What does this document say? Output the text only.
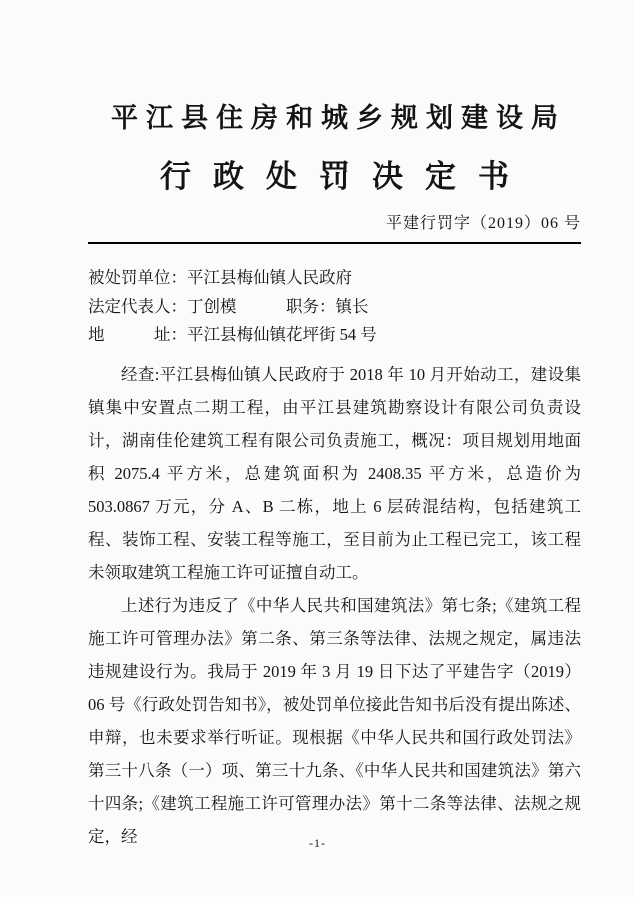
平江县住房和城乡规划建设局
行政处罚决定书
平建行罚字（2019）06 号
被处罚单位：平江县梅仙镇人民政府
法定代表人：丁创模　　　职务：镇长
地　　　址：平江县梅仙镇花坪街 54 号

经查:平江县梅仙镇人民政府于 2018 年 10 月开始动工，建设集镇集中安置点二期工程，由平江县建筑勘察设计有限公司负责设计，湖南佳伦建筑工程有限公司负责施工，概况：项目规划用地面积 2075.4 平方米，总建筑面积为 2408.35 平方米，总造价为 503.0867 万元，分 A、B 二栋，地上 6 层砖混结构，包括建筑工程、装饰工程、安装工程等施工，至目前为止工程已完工，该工程未领取建筑工程施工许可证擅自动工。

上述行为违反了《中华人民共和国建筑法》第七条;《建筑工程施工许可管理办法》第二条、第三条等法律、法规之规定，属违法违规建设行为。我局于 2019 年 3 月 19 日下达了平建告字（2019）06 号《行政处罚告知书》，被处罚单位接此告知书后没有提出陈述、申辩，也未要求举行听证。现根据《中华人民共和国行政处罚法》第三十八条（一）项、第三十九条、《中华人民共和国建筑法》第六十四条;《建筑工程施工许可管理办法》第十二条等法律、法规之规定，经	-1-
